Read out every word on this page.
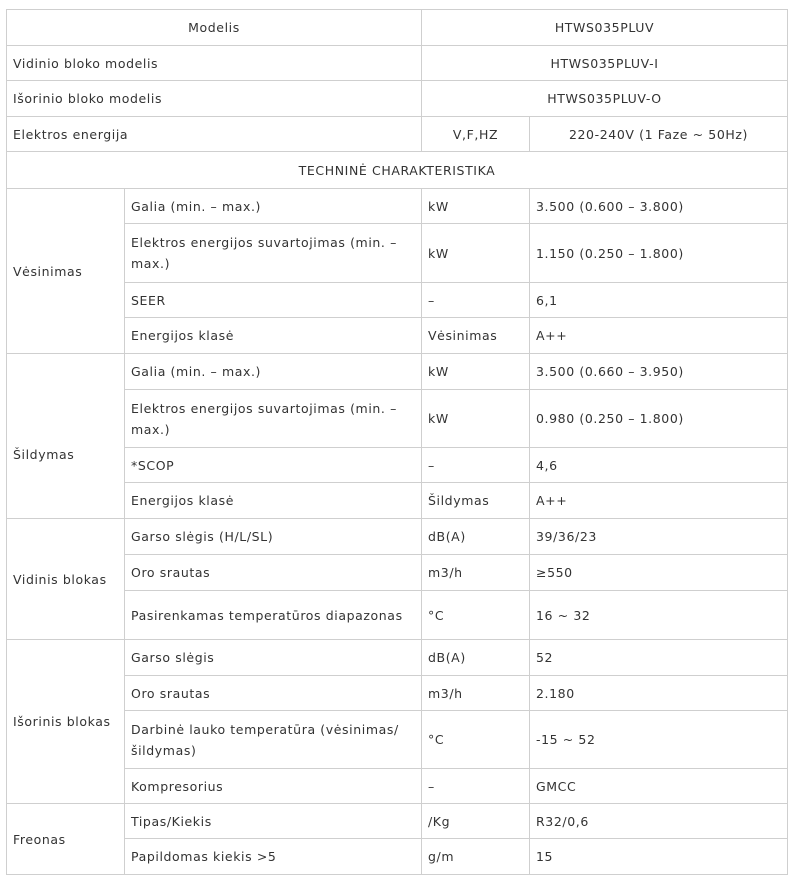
Modelis		HTWS035PLUV	
Vidinio bloko modelis		HTWS035PLUV-I	
Išorinio bloko modelis		HTWS035PLUV-O	
Elektros energija		V,F,HZ	220-240V (1 Faze ~ 50Hz)
TECHNINĖ CHARAKTERISTIKA			
Vėsinimas	Galia (min. – max.)	kW	3.500 (0.600 – 3.800)
	Elektros energijos suvartojimas (min. – max.)	kW	1.150 (0.250 – 1.800)
	SEER	–	6,1
	Energijos klasė	Vėsinimas	A++
Šildymas	Galia (min. – max.)	kW	3.500 (0.660 – 3.950)
	Elektros energijos suvartojimas (min. – max.)	kW	0.980 (0.250 – 1.800)
	*SCOP	–	4,6
	Energijos klasė	Šildymas	A++
Vidinis blokas	Garso slėgis (H/L/SL)	dB(A)	39/36/23
	Oro srautas	m3/h	≥550
	Pasirenkamas temperatūros diapazonas	°C	16 ~ 32
Išorinis blokas	Garso slėgis	dB(A)	52
	Oro srautas	m3/h	2.180
	Darbinė lauko temperatūra (vėsinimas/ šildymas)	°C	-15 ~ 52
	Kompresorius	–	GMCC
Freonas	Tipas/Kiekis	/Kg	R32/0,6
	Papildomas kiekis >5	g/m	15
